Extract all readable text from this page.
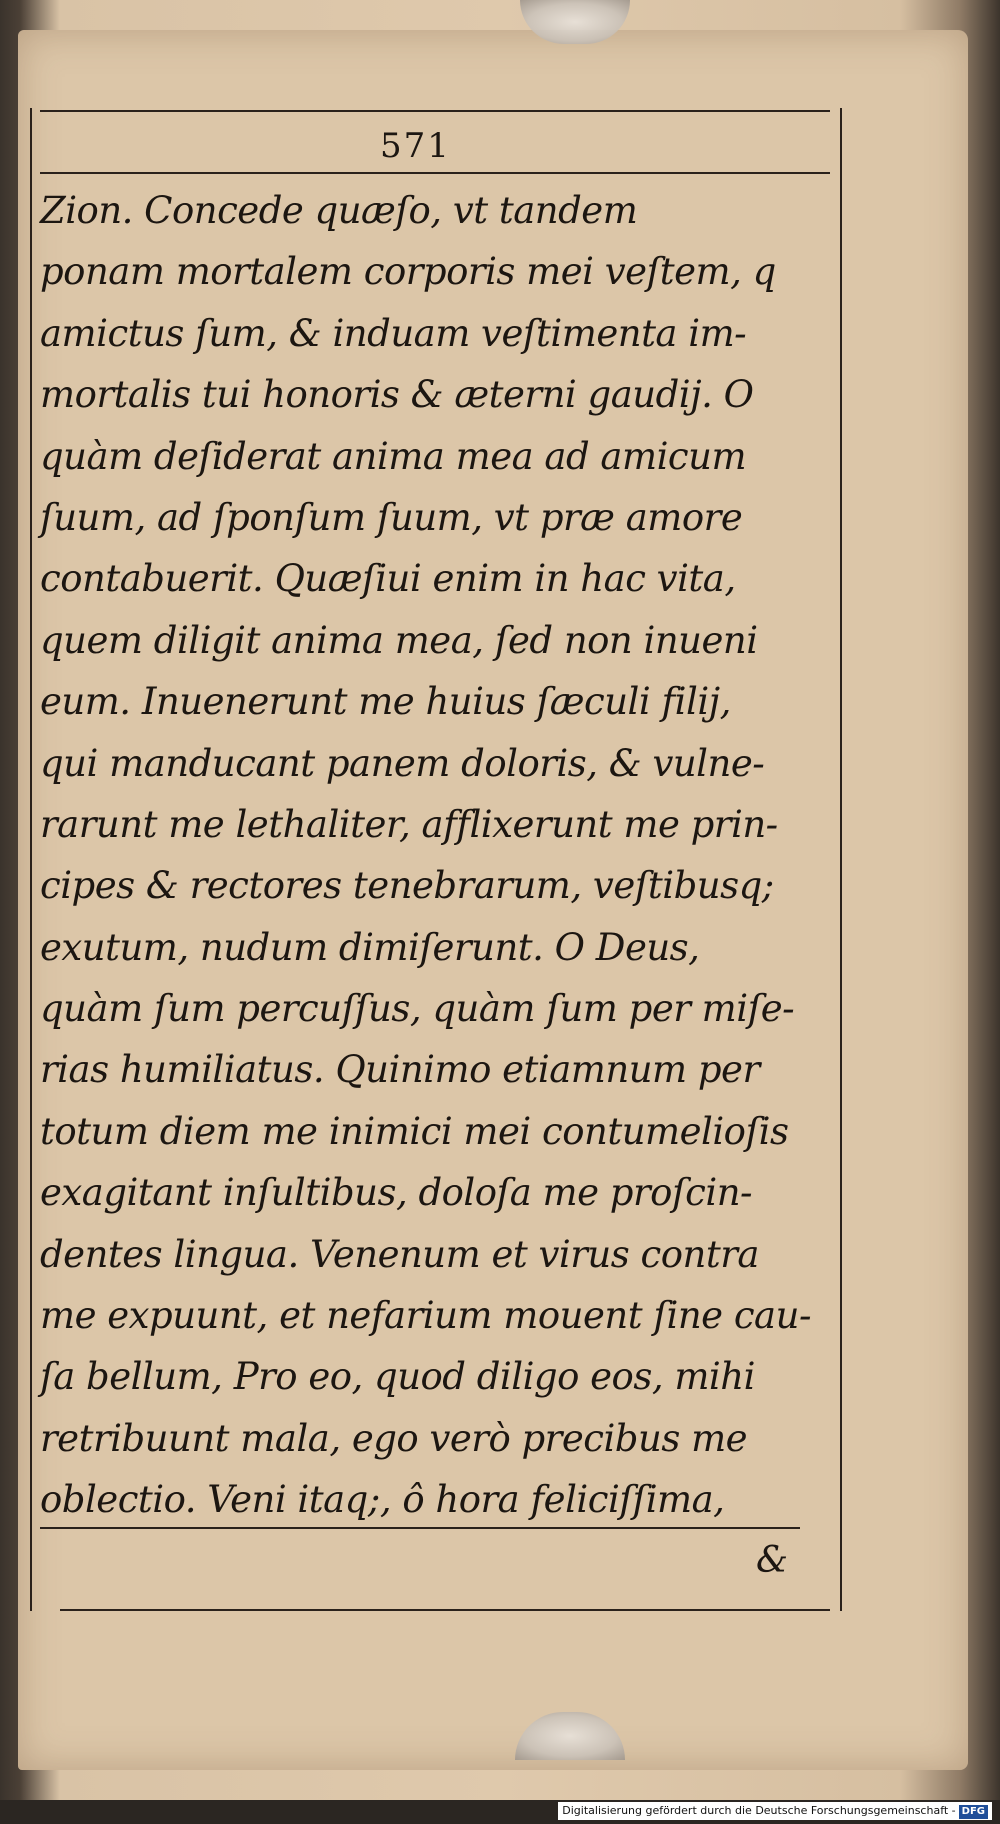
571
Zion. Concede quæſo, vt tandem
ponam mortalem corporis mei veſtem, q
amictus ſum, & induam veſtimenta im-
mortalis tui honoris & æterni gaudij. O
quàm deſiderat anima mea ad amicum
ſuum, ad ſponſum ſuum, vt præ amore
contabuerit. Quæſiui enim in hac vita,
quem diligit anima mea, ſed non inueni
eum. Inuenerunt me huius ſæculi filij,
qui manducant panem doloris, & vulne-
rarunt me lethaliter, afflixerunt me prin-
cipes & rectores tenebrarum, veſtibusq;
exutum, nudum dimiſerunt. O Deus,
quàm ſum percuſſus, quàm ſum per miſe-
rias humiliatus. Quinimo etiamnum per
totum diem me inimici mei contumelioſis
exagitant inſultibus, doloſa me proſcin-
dentes lingua. Venenum et virus contra
me expuunt, et nefarium mouent ſine cau-
ſa bellum, Pro eo, quod diligo eos, mihi
retribuunt mala, ego verò precibus me
oblectio. Veni itaq;, ô hora feliciſſima,
&
Digitalisierung gefördert durch die Deutsche Forschungsgemeinschaft - DFG
